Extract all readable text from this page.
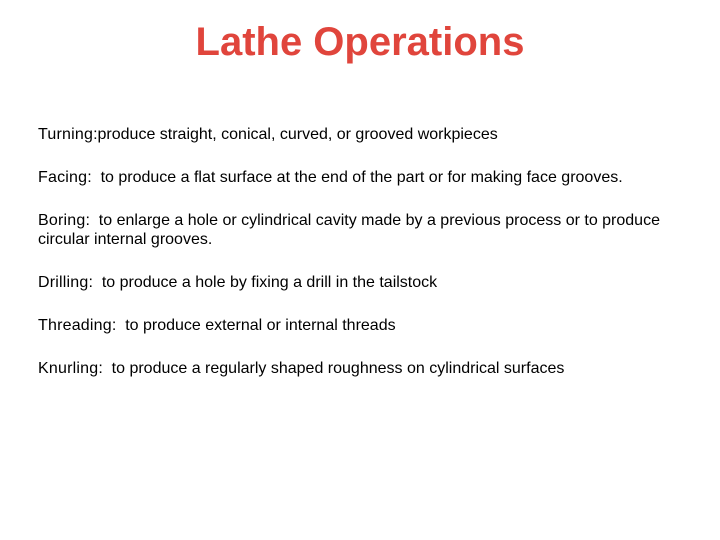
Lathe Operations
Turning:produce straight, conical, curved, or grooved workpieces
Facing:  to produce a flat surface at the end of the part or for making face grooves.
Boring:  to enlarge a hole or cylindrical cavity made by a previous process or to produce circular internal grooves.
Drilling:  to produce a hole by fixing a drill in the tailstock
Threading:  to produce external or internal threads
Knurling:  to produce a regularly shaped roughness on cylindrical surfaces
